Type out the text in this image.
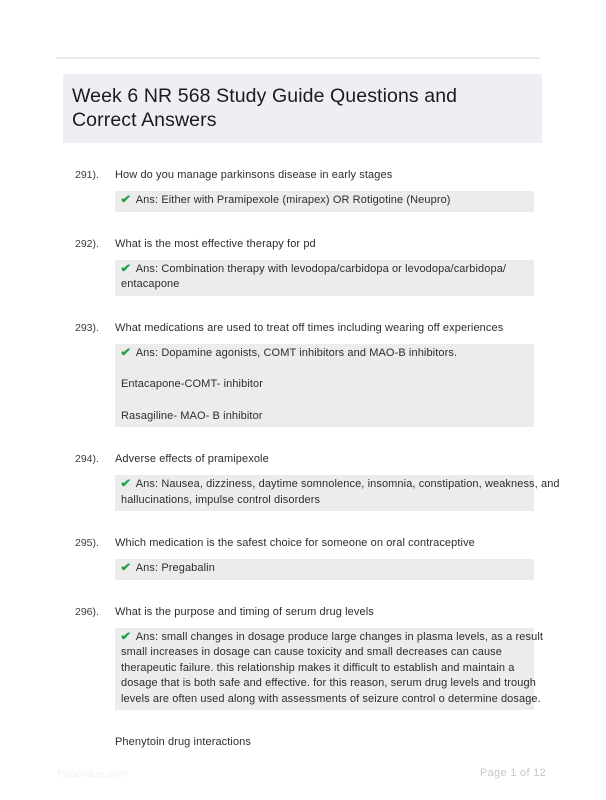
Week 6 NR 568 Study Guide Questions and Correct Answers
291).	How do you manage parkinsons disease in early stages
✔ Ans: Either with Pramipexole (mirapex) OR Rotigotine (Neupro)
292).	What is the most effective therapy for pd
✔ Ans: Combination therapy with levodopa/carbidopa or levodopa/carbidopa/
entacapone
293).	What medications are used to treat off times including wearing off experiences
✔ Ans: Dopamine agonists, COMT inhibitors and MAO-B inhibitors.
Entacapone-COMT- inhibitor
Rasagiline- MAO- B inhibitor
294).	Adverse effects of pramipexole
✔ Ans: Nausea, dizziness, daytime somnolence, insomnia, constipation, weakness, and
hallucinations, impulse control disorders
295).	Which medication is the safest choice for someone on oral contraceptive
✔ Ans: Pregabalin
296).	What is the purpose and timing of serum drug levels
✔ Ans: small changes in dosage produce large changes in plasma levels, as a result
small increases in dosage can cause toxicity and small decreases can cause
therapeutic failure. this relationship makes it difficult to establish and maintain a
dosage that is both safe and effective. for this reason, serum drug levels and trough
levels are often used along with assessments of seizure control o determine dosage.
Phenytoin drug interactions
Paperdue.com	Page 1 of 12
